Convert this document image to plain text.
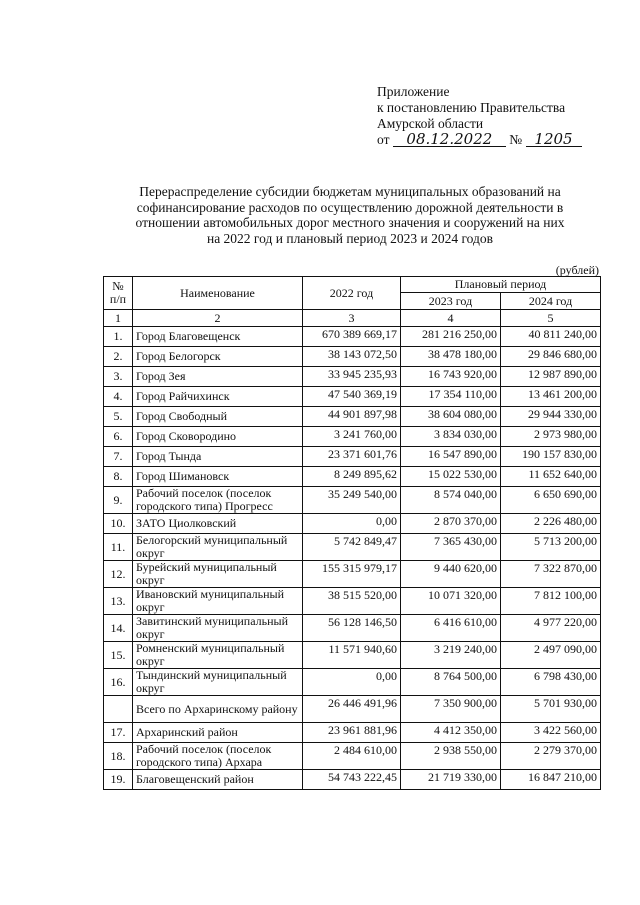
Приложение
к постановлению Правительства
Амурской области
от 08.12.2022 № 1205
Перераспределение субсидии бюджетам муниципальных образований на
софинансирование расходов по осуществлению дорожной деятельности в
отношении автомобильных дорог местного значения и сооружений на них
на 2022 год и плановый период 2023 и 2024 годов
(рублей)
№ п/п	Наименование	2022 год	Плановый период	
			2023 год	2024 год
1	2	3	4	5
1.	Город Благовещенск	670 389 669,17	281 216 250,00	40 811 240,00
2.	Город Белогорск	38 143 072,50	38 478 180,00	29 846 680,00
3.	Город Зея	33 945 235,93	16 743 920,00	12 987 890,00
4.	Город Райчихинск	47 540 369,19	17 354 110,00	13 461 200,00
5.	Город Свободный	44 901 897,98	38 604 080,00	29 944 330,00
6.	Город Сковородино	3 241 760,00	3 834 030,00	2 973 980,00
7.	Город Тында	23 371 601,76	16 547 890,00	190 157 830,00
8.	Город Шимановск	8 249 895,62	15 022 530,00	11 652 640,00
9.	Рабочий поселок (поселок городского типа) Прогресс	35 249 540,00	8 574 040,00	6 650 690,00
10.	ЗАТО Циолковский	0,00	2 870 370,00	2 226 480,00
11.	Белогорский муниципальный округ	5 742 849,47	7 365 430,00	5 713 200,00
12.	Бурейский муниципальный округ	155 315 979,17	9 440 620,00	7 322 870,00
13.	Ивановский муниципальный округ	38 515 520,00	10 071 320,00	7 812 100,00
14.	Завитинский муниципальный округ	56 128 146,50	6 416 610,00	4 977 220,00
15.	Ромненский муниципальный округ	11 571 940,60	3 219 240,00	2 497 090,00
16.	Тындинский муниципальный округ	0,00	8 764 500,00	6 798 430,00
	Всего по Архаринскому району	26 446 491,96	7 350 900,00	5 701 930,00
17.	Архаринский район	23 961 881,96	4 412 350,00	3 422 560,00
18.	Рабочий поселок (поселок городского типа) Архара	2 484 610,00	2 938 550,00	2 279 370,00
19.	Благовещенский район	54 743 222,45	21 719 330,00	16 847 210,00
